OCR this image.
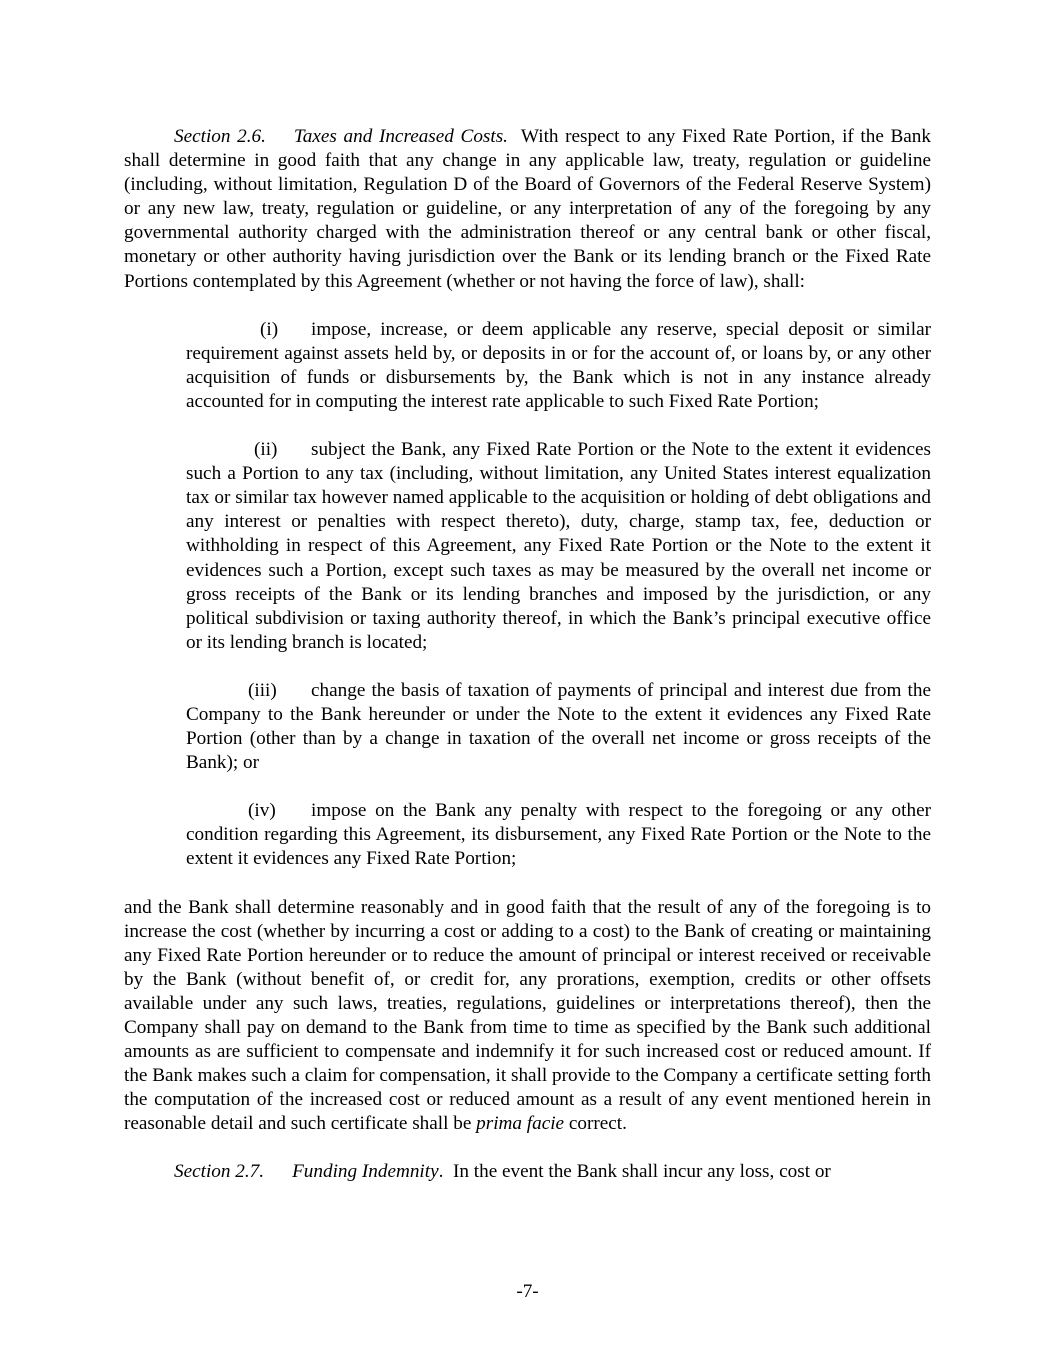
Section 2.6. Taxes and Increased Costs. With respect to any Fixed Rate Portion, if the Bank shall determine in good faith that any change in any applicable law, treaty, regulation or guideline (including, without limitation, Regulation D of the Board of Governors of the Federal Reserve System) or any new law, treaty, regulation or guideline, or any interpretation of any of the foregoing by any governmental authority charged with the administration thereof or any central bank or other fiscal, monetary or other authority having jurisdiction over the Bank or its lending branch or the Fixed Rate Portions contemplated by this Agreement (whether or not having the force of law), shall:

(i) impose, increase, or deem applicable any reserve, special deposit or similar requirement against assets held by, or deposits in or for the account of, or loans by, or any other acquisition of funds or disbursements by, the Bank which is not in any instance already accounted for in computing the interest rate applicable to such Fixed Rate Portion;

(ii) subject the Bank, any Fixed Rate Portion or the Note to the extent it evidences such a Portion to any tax (including, without limitation, any United States interest equalization tax or similar tax however named applicable to the acquisition or holding of debt obligations and any interest or penalties with respect thereto), duty, charge, stamp tax, fee, deduction or withholding in respect of this Agreement, any Fixed Rate Portion or the Note to the extent it evidences such a Portion, except such taxes as may be measured by the overall net income or gross receipts of the Bank or its lending branches and imposed by the jurisdiction, or any political subdivision or taxing authority thereof, in which the Bank’s principal executive office or its lending branch is located;

(iii) change the basis of taxation of payments of principal and interest due from the Company to the Bank hereunder or under the Note to the extent it evidences any Fixed Rate Portion (other than by a change in taxation of the overall net income or gross receipts of the Bank); or

(iv) impose on the Bank any penalty with respect to the foregoing or any other condition regarding this Agreement, its disbursement, any Fixed Rate Portion or the Note to the extent it evidences any Fixed Rate Portion;

and the Bank shall determine reasonably and in good faith that the result of any of the foregoing is to increase the cost (whether by incurring a cost or adding to a cost) to the Bank of creating or maintaining any Fixed Rate Portion hereunder or to reduce the amount of principal or interest received or receivable by the Bank (without benefit of, or credit for, any prorations, exemption, credits or other offsets available under any such laws, treaties, regulations, guidelines or interpretations thereof), then the Company shall pay on demand to the Bank from time to time as specified by the Bank such additional amounts as are sufficient to compensate and indemnify it for such increased cost or reduced amount. If the Bank makes such a claim for compensation, it shall provide to the Company a certificate setting forth the computation of the increased cost or reduced amount as a result of any event mentioned herein in reasonable detail and such certificate shall be prima facie correct.

Section 2.7. Funding Indemnity. In the event the Bank shall incur any loss, cost or

-7-
